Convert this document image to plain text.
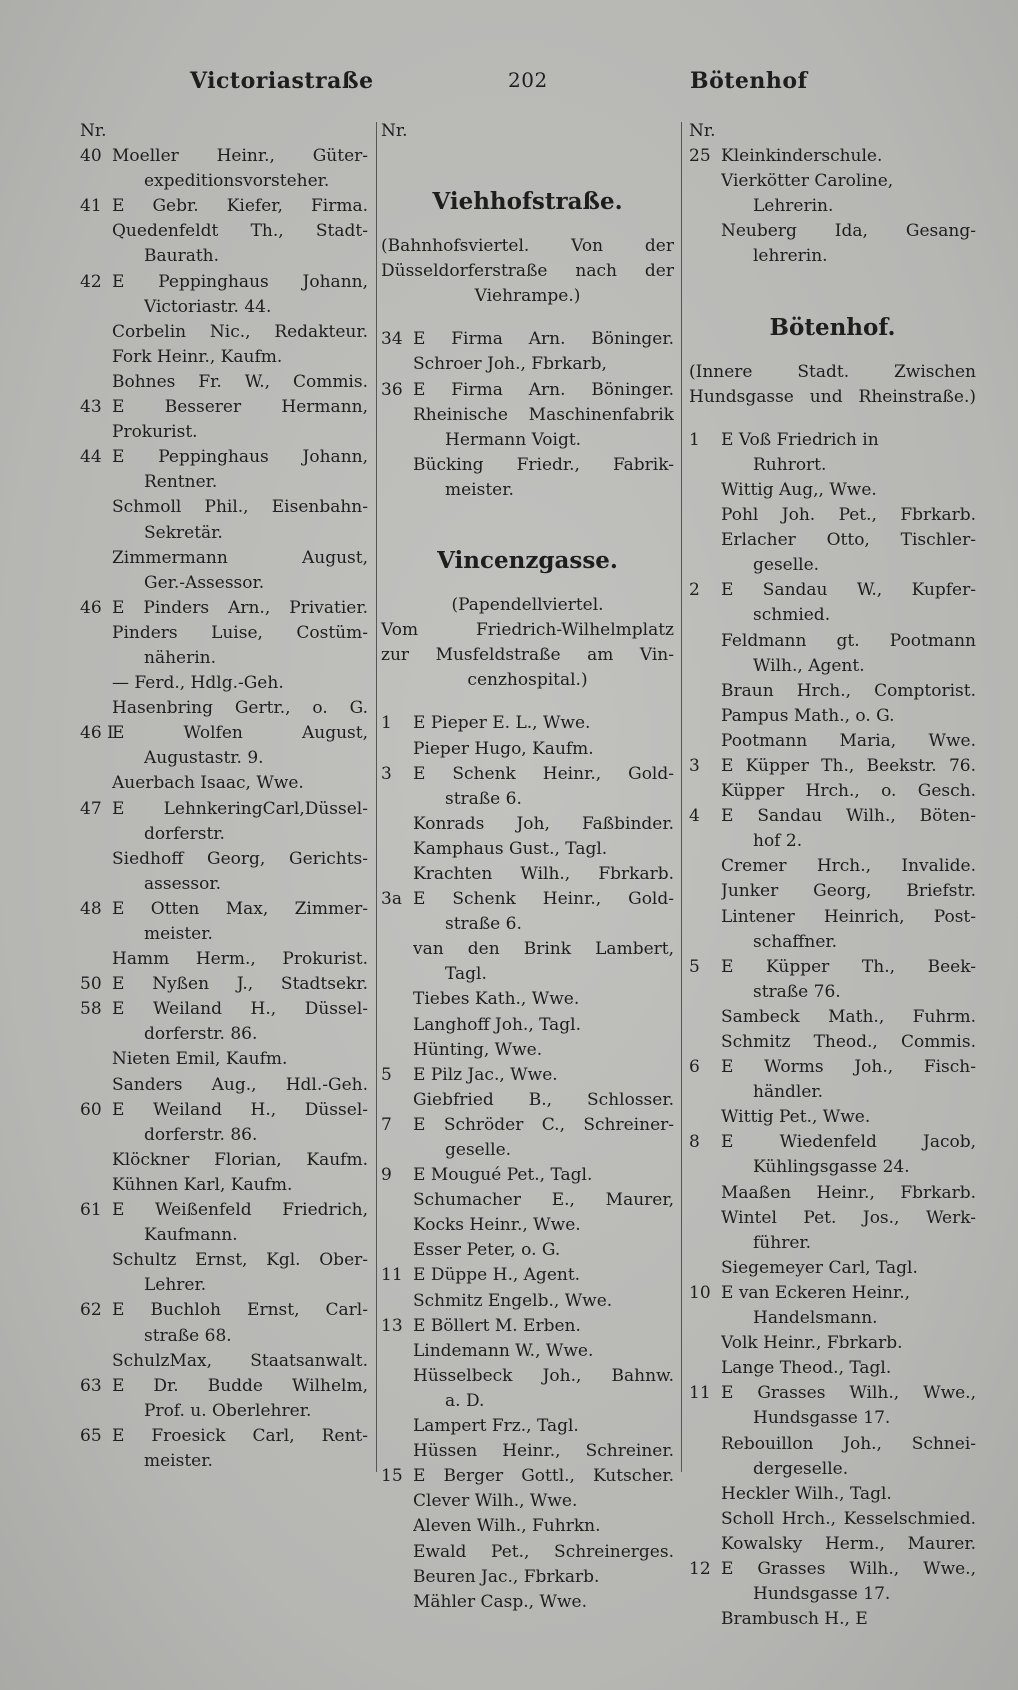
Victoriastraße	202	Bötenhof
Nr.
40 Moeller Heinr., Güter-
expeditionsvorsteher.
41 E Gebr. Kiefer, Firma.
Quedenfeldt Th., Stadt-
Baurath.
42 E Peppinghaus Johann,
Victoriastr. 44.
Corbelin Nic., Redakteur.
Fork Heinr., Kaufm.
Bohnes Fr. W., Commis.
43 E Besserer Hermann,
Prokurist.
44 E Peppinghaus Johann,
Rentner.
Schmoll Phil., Eisenbahn-
Sekretär.
Zimmermann August,
Ger.-Assessor.
46 E Pinders Arn., Privatier.
Pinders Luise, Costüm-
näherin.
— Ferd., Hdlg.-Geh.
Hasenbring Gertr., o. G.
46 I
E Wolfen August,
Augustastr. 9.
Auerbach Isaac, Wwe.
47 E LehnkeringCarl,Düssel-
dorferstr.
Siedhoff Georg, Gerichts-
assessor.
48 E Otten Max, Zimmer-
meister.
Hamm Herm., Prokurist.
50 E Nyßen J., Stadtsekr.
58 E Weiland H., Düssel-
dorferstr. 86.
Nieten Emil, Kaufm.
Sanders Aug., Hdl.-Geh.
60 E Weiland H., Düssel-
dorferstr. 86.
Klöckner Florian, Kaufm.
Kühnen Karl, Kaufm.
61 E Weißenfeld Friedrich,
Kaufmann.
Schultz Ernst, Kgl. Ober-
Lehrer.
62 E Buchloh Ernst, Carl-
straße 68.
SchulzMax, Staatsanwalt.
63 E Dr. Budde Wilhelm,
Prof. u. Oberlehrer.
65 E Froesick Carl, Rent-
meister.
Nr.
Viehhofstraße.
(Bahnhofsviertel. Von der
Düsseldorferstraße nach der
Viehrampe.)
34 E Firma Arn. Böninger.
Schroer Joh., Fbrkarb,
36 E Firma Arn. Böninger.
Rheinische Maschinenfabrik
Hermann Voigt.
Bücking Friedr., Fabrik-
meister.
Vincenzgasse.
(Papendellviertel.
Vom Friedrich-Wilhelmplatz
zur Musfeldstraße am Vin-
cenzhospital.)
1 E Pieper E. L., Wwe.
Pieper Hugo, Kaufm.
3 E Schenk Heinr., Gold-
straße 6.
Konrads Joh, Faßbinder.
Kamphaus Gust., Tagl.
Krachten Wilh., Fbrkarb.
3a E Schenk Heinr., Gold-
straße 6.
van den Brink Lambert,
Tagl.
Tiebes Kath., Wwe.
Langhoff Joh., Tagl.
Hünting, Wwe.
5 E Pilz Jac., Wwe.
Giebfried B., Schlosser.
7 E Schröder C., Schreiner-
geselle.
9 E Mougué Pet., Tagl.
Schumacher E., Maurer,
Kocks Heinr., Wwe.
Esser Peter, o. G.
11 E Düppe H., Agent.
Schmitz Engelb., Wwe.
13 E Böllert M. Erben.
Lindemann W., Wwe.
Hüsselbeck Joh., Bahnw.
a. D.
Lampert Frz., Tagl.
Hüssen Heinr., Schreiner.
15 E Berger Gottl., Kutscher.
Clever Wilh., Wwe.
Aleven Wilh., Fuhrkn.
Ewald Pet., Schreinerges.
Beuren Jac., Fbrkarb.
Mähler Casp., Wwe.
Nr.
25 Kleinkinderschule.
Vierkötter Caroline,
Lehrerin.
Neuberg Ida, Gesang-
lehrerin.
Bötenhof.
(Innere Stadt. Zwischen
Hundsgasse und Rheinstraße.)
1 E Voß Friedrich in
Ruhrort.
Wittig Aug,, Wwe.
Pohl Joh. Pet., Fbrkarb.
Erlacher Otto, Tischler-
geselle.
2 E Sandau W., Kupfer-
schmied.
Feldmann gt. Pootmann
Wilh., Agent.
Braun Hrch., Comptorist.
Pampus Math., o. G.
Pootmann Maria, Wwe.
3 E Küpper Th., Beekstr. 76.
Küpper Hrch., o. Gesch.
4 E Sandau Wilh., Böten-
hof 2.
Cremer Hrch., Invalide.
Junker Georg, Briefstr.
Lintener Heinrich, Post-
schaffner.
5 E Küpper Th., Beek-
straße 76.
Sambeck Math., Fuhrm.
Schmitz Theod., Commis.
6 E Worms Joh., Fisch-
händler.
Wittig Pet., Wwe.
8 E Wiedenfeld Jacob,
Kühlingsgasse 24.
Maaßen Heinr., Fbrkarb.
Wintel Pet. Jos., Werk-
führer.
Siegemeyer Carl, Tagl.
10 E van Eckeren Heinr.,
Handelsmann.
Volk Heinr., Fbrkarb.
Lange Theod., Tagl.
11 E Grasses Wilh., Wwe.,
Hundsgasse 17.
Rebouillon Joh., Schnei-
dergeselle.
Heckler Wilh., Tagl.
Scholl Hrch., Kesselschmied.
Kowalsky Herm., Maurer.
12 E Grasses Wilh., Wwe.,
Hundsgasse 17.
Brambusch H., E
